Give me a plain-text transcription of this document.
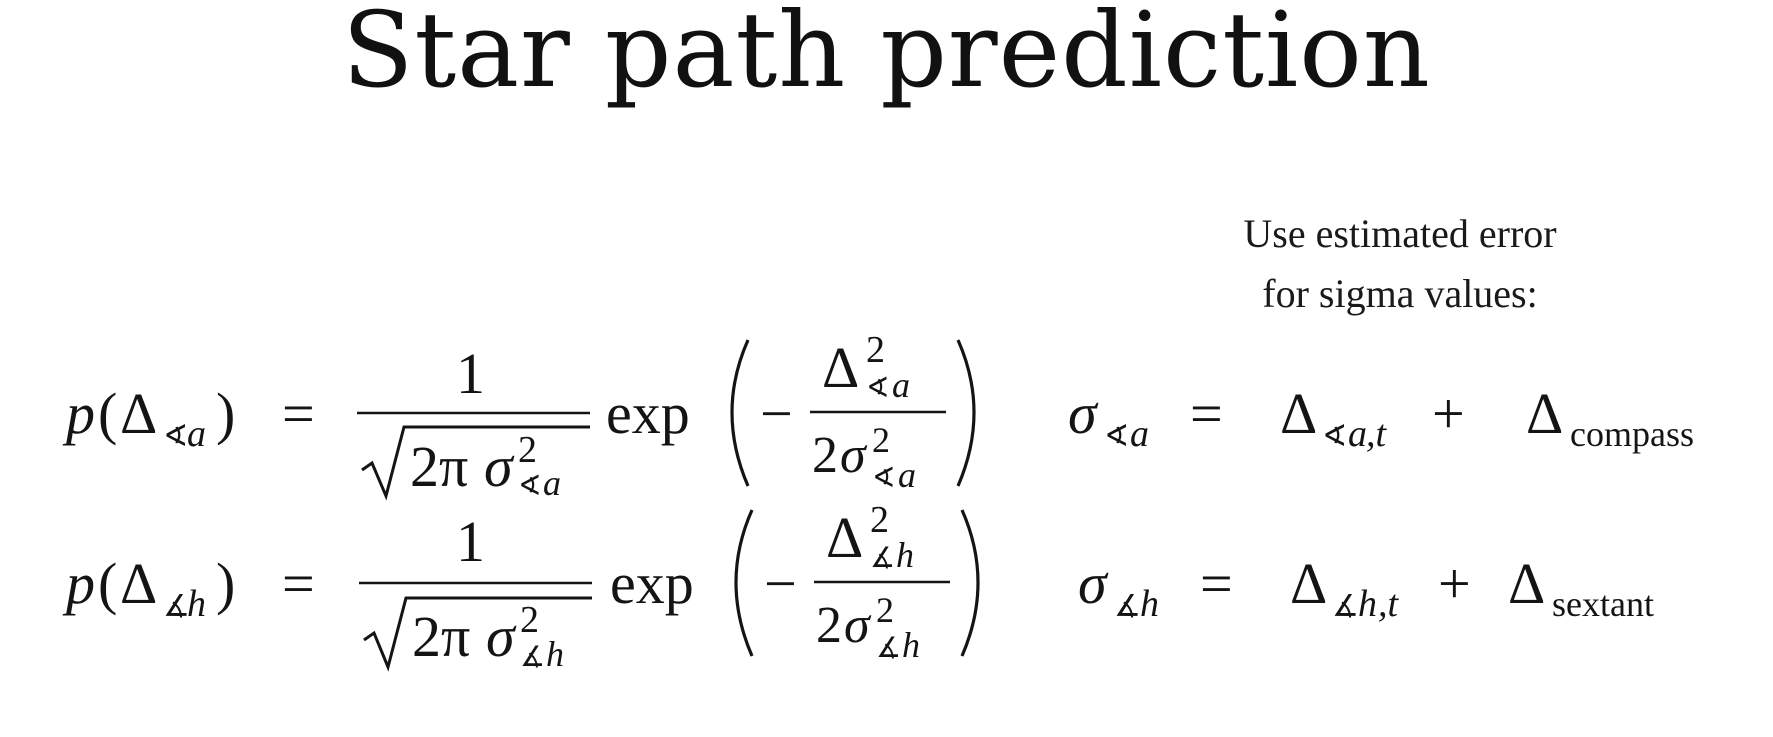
Star path prediction
Use estimated error
for sigma values:
p ( Δ ∢
a ) =
1
2π σ 2
∢ a
exp −
Δ 2
∢ a
2 σ 2
∢ a
σ ∢ a = Δ ∢ a ,t + Δ compass
p ( Δ ∡
h ) =
1
2π σ 2
∡ h
exp −
Δ 2
∡ h
2 σ 2
∡ h
σ ∡ h = Δ ∡ h ,t + Δ sextant
